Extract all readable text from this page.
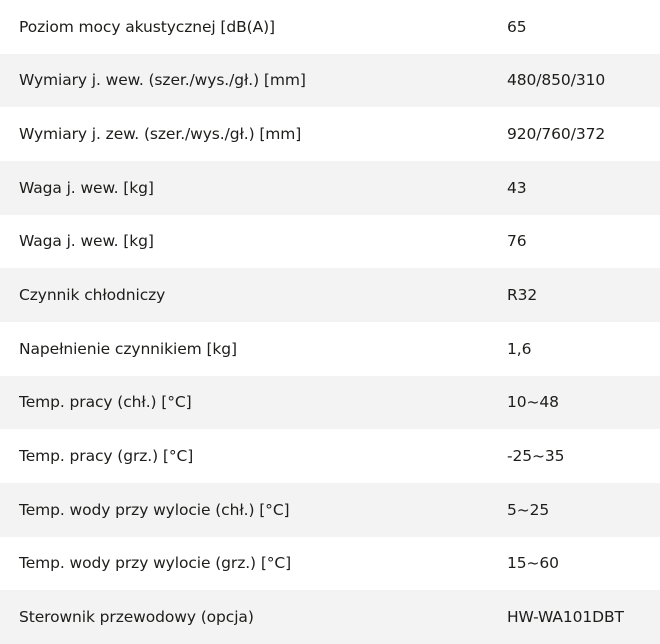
Poziom mocy akustycznej [dB(A)]	65
Wymiary j. wew. (szer./wys./gł.) [mm]	480/850/310
Wymiary j. zew. (szer./wys./gł.) [mm]	920/760/372
Waga j. wew. [kg]	43
Waga j. wew. [kg]	76
Czynnik chłodniczy	R32
Napełnienie czynnikiem [kg]	1,6
Temp. pracy (chł.) [°C]	10~48
Temp. pracy (grz.) [°C]	-25~35
Temp. wody przy wylocie (chł.) [°C]	5~25
Temp. wody przy wylocie (grz.) [°C]	15~60
Sterownik przewodowy (opcja)	HW-WA101DBT
